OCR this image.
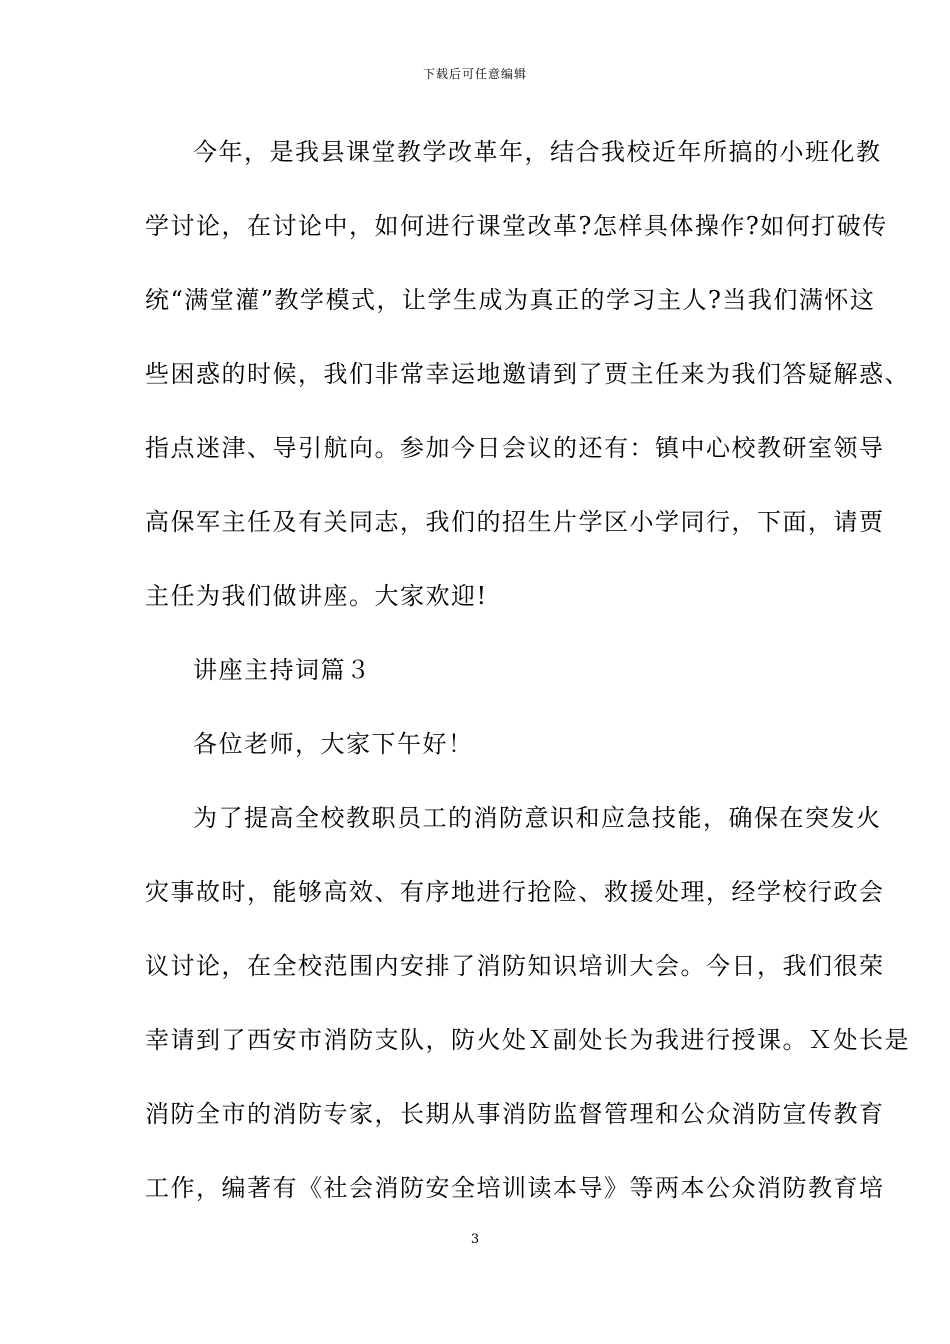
下载后可任意编辑
今年，是我县课堂教学改革年，结合我校近年所搞的小班化教
学讨论，在讨论中，如何进行课堂改革?怎样具体操作?如何打破传
统“满堂灌”教学模式，让学生成为真正的学习主人?当我们满怀这
些困惑的时候，我们非常幸运地邀请到了贾主任来为我们答疑解惑、
指点迷津、导引航向。参加今日会议的还有：镇中心校教研室领导
高保军主任及有关同志，我们的招生片学区小学同行，下面，请贾
主任为我们做讲座。大家欢迎!
讲座主持词篇３
各位老师，大家下午好！
为了提高全校教职员工的消防意识和应急技能，确保在突发火
灾事故时，能够高效、有序地进行抢险、救援处理，经学校行政会
议讨论，在全校范围内安排了消防知识培训大会。今日，我们很荣
幸请到了西安市消防支队，防火处Ｘ副处长为我进行授课。Ｘ处长是
消防全市的消防专家，长期从事消防监督管理和公众消防宣传教育
工作，编著有《社会消防安全培训读本导》等两本公众消防教育培
3
